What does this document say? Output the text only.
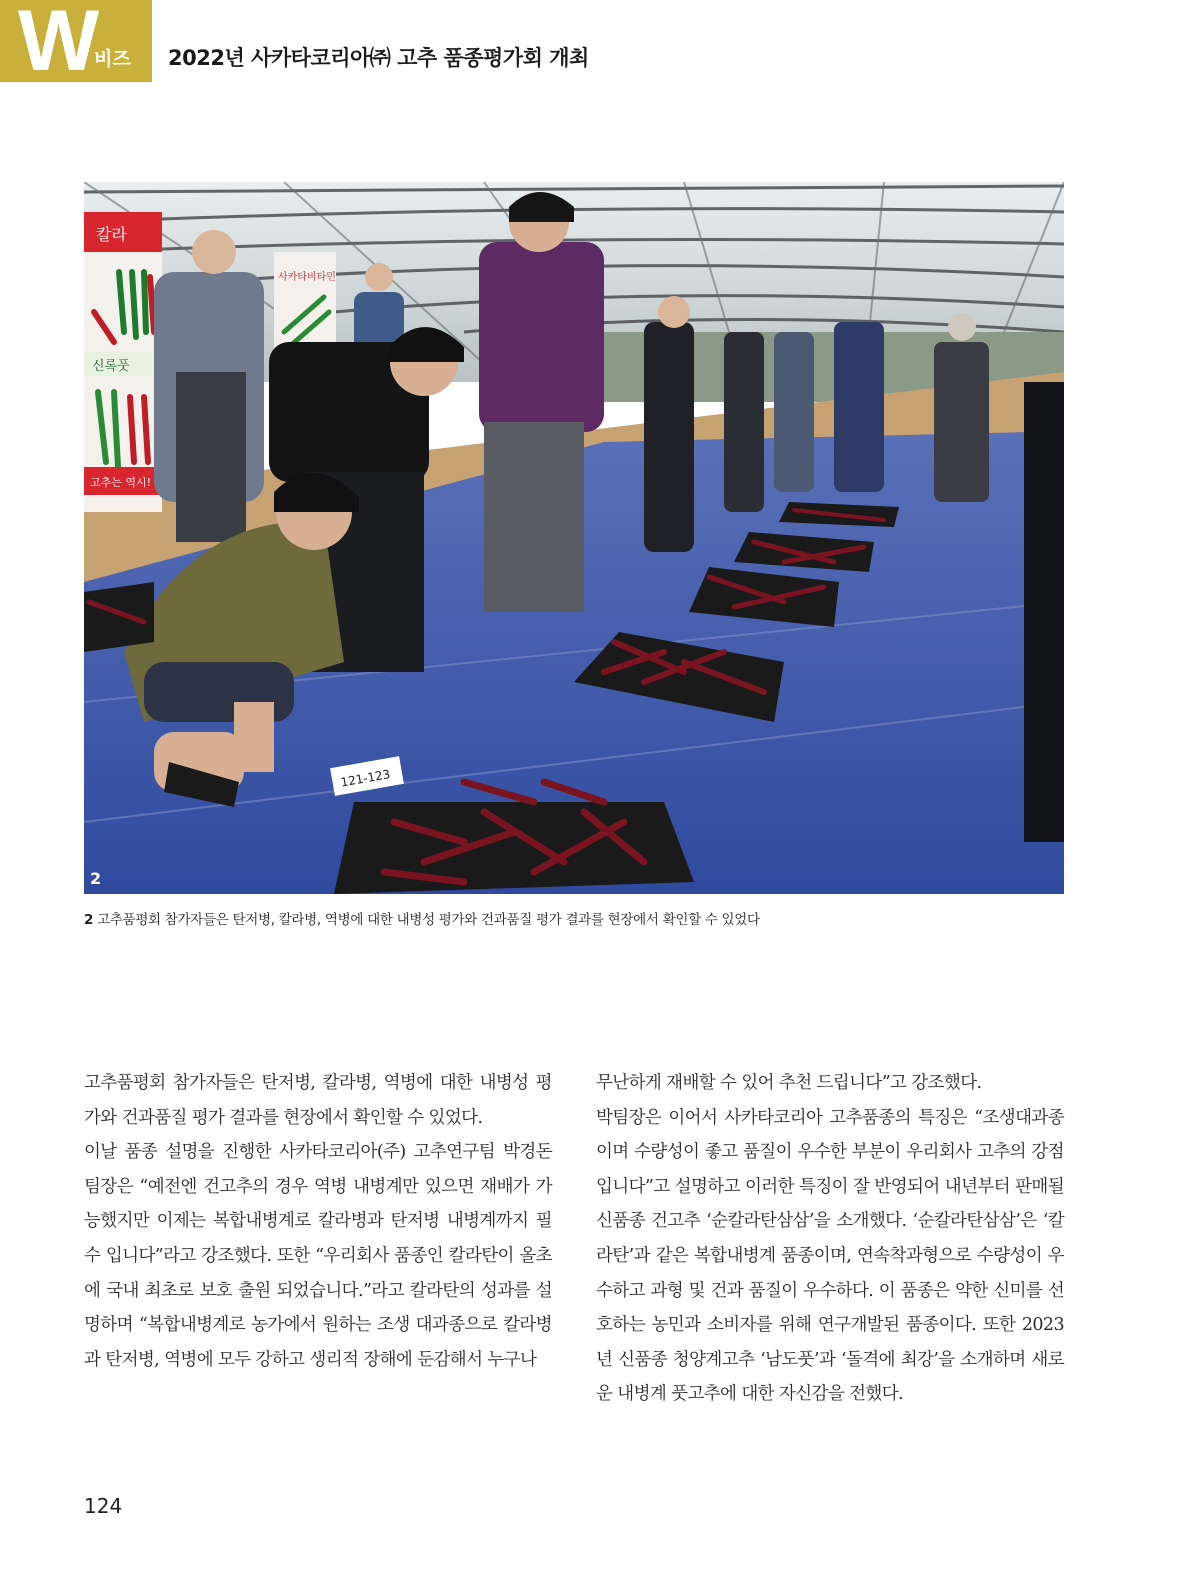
W
비즈 2022년 사카타코리아㈜ 고추 품종평가회 개최
칼라
신록풋
고추는 역시!
사카타비타민
121-123
2
2 고추품평회 참가자들은 탄저병, 칼라병, 역병에 대한 내병성 평가와 건과품질 평가 결과를 현장에서 확인할 수 있었다

고추품평회 참가자들은 탄저병, 칼라병, 역병에 대한 내병성 평가와 건과품질 평가 결과를 현장에서 확인할 수 있었다.

이날 품종 설명을 진행한 사카타코리아(주) 고추연구팀 박경돈 팀장은 “예전엔 건고추의 경우 역병 내병계만 있으면 재배가 가능했지만 이제는 복합내병계로 칼라병과 탄저병 내병계까지 필수 입니다”라고 강조했다. 또한 “우리회사 품종인 칼라탄이 올초에 국내 최초로 보호 출원 되었습니다.”라고 칼라탄의 성과를 설명하며 “복합내병계로 농가에서 원하는 조생 대과종으로 칼라병과 탄저병, 역병에 모두 강하고 생리적 장해에 둔감해서 누구나

무난하게 재배할 수 있어 추천 드립니다”고 강조했다.

박팀장은 이어서 사카타코리아 고추품종의 특징은 “조생대과종이며 수량성이 좋고 품질이 우수한 부분이 우리회사 고추의 강점입니다”고 설명하고 이러한 특징이 잘 반영되어 내년부터 판매될 신품종 건고추 ‘순칼라탄삼삼’을 소개했다. ‘순칼라탄삼삼’은 ‘칼라탄’과 같은 복합내병계 품종이며, 연속착과형으로 수량성이 우수하고 과형 및 건과 품질이 우수하다. 이 품종은 약한 신미를 선호하는 농민과 소비자를 위해 연구개발된 품종이다. 또한 2023년 신품종 청양계고추 ‘남도풋’과 ‘돌격에 최강’을 소개하며 새로운 내병계 풋고추에 대한 자신감을 전했다.

124
